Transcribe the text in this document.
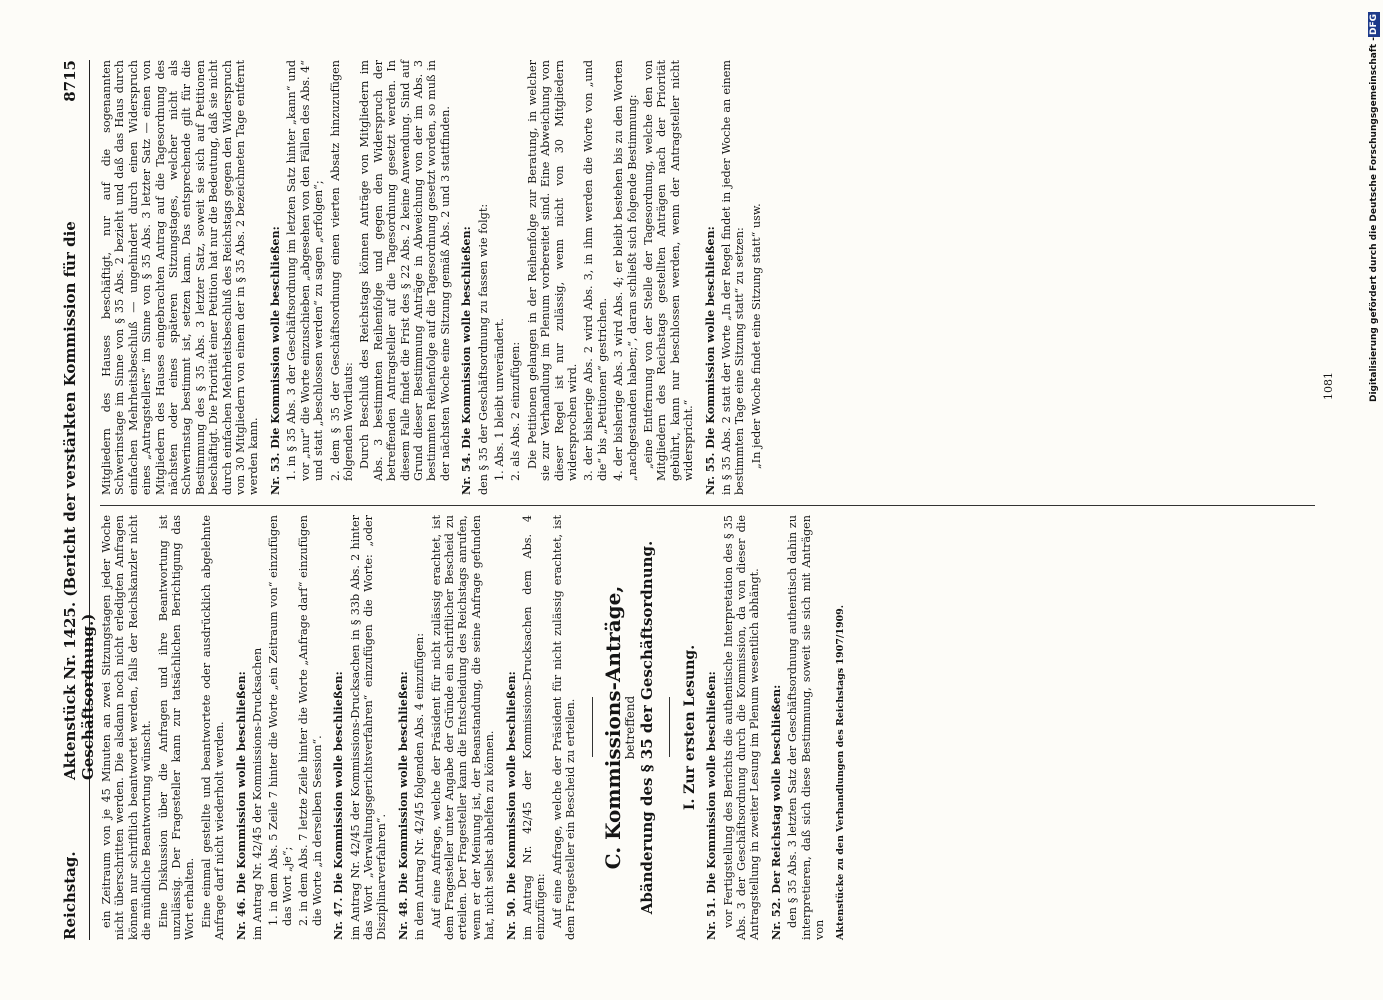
Reichstag.
Aktenstück Nr. 1425. (Bericht der verstärkten Kommission für die Geschäftsordnung.)
8715

ein Zeitraum von je 45 Minuten an zwei Sitzungstagen jeder Woche nicht überschritten werden. Die alsdann noch nicht erledigten Anfragen können nur schriftlich beantwortet werden, falls der Reichskanzler nicht die mündliche Beantwortung wünscht. Eine Diskussion über die Anfragen und ihre Beantwortung ist unzulässig. Der Fragesteller kann zur tatsächlichen Berichtigung das Wort erhalten. Eine einmal gestellte und beantwortete oder ausdrücklich abgelehnte Anfrage darf nicht wiederholt werden. Nr. 46. Die Kommission wolle beschließen: im Antrag Nr. 42/45 der Kommissions-Drucksachen 1. in dem Abs. 5 Zeile 7 hinter die Worte „ein Zeitraum von“ einzufügen das Wort „je“; 2. in dem Abs. 7 letzte Zeile hinter die Worte „Anfrage darf“ einzufügen die Worte „in derselben Session“. Nr. 47. Die Kommission wolle beschließen: im Antrag Nr. 42/45 der Kommissions-Drucksachen in § 33b Abs. 2 hinter das Wort „Verwaltungsgerichtsverfahren“ einzufügen die Worte: „oder Disziplinarverfahren“. Nr. 48. Die Kommission wolle beschließen: in dem Antrag Nr. 42/45 folgenden Abs. 4 einzufügen: Auf eine Anfrage, welche der Präsident für nicht zulässig erachtet, ist dem Fragesteller unter Angabe der Gründe ein schriftlicher Bescheid zu erteilen. Der Fragesteller kann die Entscheidung des Reichstags anrufen, wenn er der Meinung ist, der Beanstandung, die seine Anfrage gefunden hat, nicht selbst abhelfen zu können. Nr. 50. Die Kommission wolle beschließen: im Antrag Nr. 42/45 der Kommissions-Drucksachen dem Abs. 4 einzufügen: Auf eine Anfrage, welche der Präsident für nicht zulässig erachtet, ist dem Fragesteller ein Bescheid zu erteilen. C. Kommissions-Anträge,
betreffend Abänderung des § 35 der Geschäftsordnung. I. Zur ersten Lesung.

Nr. 51. Die Kommission wolle beschließen: vor Fertigstellung des Berichts die authentische Interpretation des § 35 Abs. 3 der Geschäftsordnung durch die Kommission, da von dieser die Antragstellung in zweiter Lesung im Plenum wesentlich abhängt. Nr. 52. Der Reichstag wolle beschließen: den § 35 Abs. 3 letzten Satz der Geschäftsordnung authentisch dahin zu interpretieren, daß sich diese Bestimmung, soweit sie sich mit Anträgen von Aktenstücke zu den Verhandlungen des Reichstags 1907/1909.

Mitgliedern des Hauses beschäftigt, nur auf die sogenannten Schwerinstage im Sinne von § 35 Abs. 2 bezieht und daß das Haus durch einfachen Mehrheitsbeschluß — ungehindert durch einen Widerspruch eines „Antragstellers“ im Sinne von § 35 Abs. 3 letzter Satz — einen von Mitgliedern des Hauses eingebrachten Antrag auf die Tagesordnung des nächsten oder eines späteren Sitzungstages, welcher nicht als Schwerinstag bestimmt ist, setzen kann. Das entsprechende gilt für die Bestimmung des § 35 Abs. 3 letzter Satz, soweit sie sich auf Petitionen beschäftigt. Die Priorität einer Petition hat nur die Bedeutung, daß sie nicht durch einfachen Mehrheitsbeschluß des Reichstags gegen den Widerspruch von 30 Mitgliedern von einem der in § 35 Abs. 2 bezeichneten Tage entfernt werden kann. Nr. 53. Die Kommission wolle beschließen: 1. in § 35 Abs. 3 der Geschäftsordnung im letzten Satz hinter „kann“ und vor „nur“ die Worte einzuschieben „abgesehen von den Fällen des Abs. 4“ und statt „beschlossen werden“ zu sagen „erfolgen“; 2. dem § 35 der Geschäftsordnung einen vierten Absatz hinzuzufügen folgenden Wortlauts: Durch Beschluß des Reichstags können Anträge von Mitgliedern im Abs. 3 bestimmten Reihenfolge und gegen den Widerspruch der betreffenden Antragsteller auf die Tagesordnung gesetzt werden. In diesem Falle findet die Frist des § 22 Abs. 2 keine Anwendung. Sind auf Grund dieser Bestimmung Anträge in Abweichung von der im Abs. 3 bestimmten Reihenfolge auf die Tagesordnung gesetzt worden, so muß in der nächsten Woche eine Sitzung gemäß Abs. 2 und 3 stattfinden. Nr. 54. Die Kommission wolle beschließen: den § 35 der Geschäftsordnung zu fassen wie folgt: 1. Abs. 1 bleibt unverändert. 2. als Abs. 2 einzufügen: Die Petitionen gelangen in der Reihenfolge zur Beratung, in welcher sie zur Verhandlung im Plenum vorbereitet sind. Eine Abweichung von dieser Regel ist nur zulässig, wenn nicht von 30 Mitgliedern widersprochen wird. 3. der bisherige Abs. 2 wird Abs. 3, in ihm werden die Worte von „und die“ bis „Petitionen“ gestrichen. 4. der bisherige Abs. 3 wird Abs. 4; er bleibt bestehen bis zu den Worten „nachgestanden haben;“, daran schließt sich folgende Bestimmung: „eine Entfernung von der Stelle der Tagesordnung, welche den von Mitgliedern des Reichstags gestellten Anträgen nach der Priorität gebührt, kann nur beschlossen werden, wenn der Antragsteller nicht widerspricht.“ Nr. 55. Die Kommission wolle beschließen: in § 35 Abs. 2 statt der Worte „In der Regel findet in jeder Woche an einem bestimmten Tage eine Sitzung statt“ zu setzen: „In jeder Woche findet eine Sitzung statt“ usw.	1081	Digitalisierung gefördert durch die Deutsche Forschungsgemeinschaft -DFG
